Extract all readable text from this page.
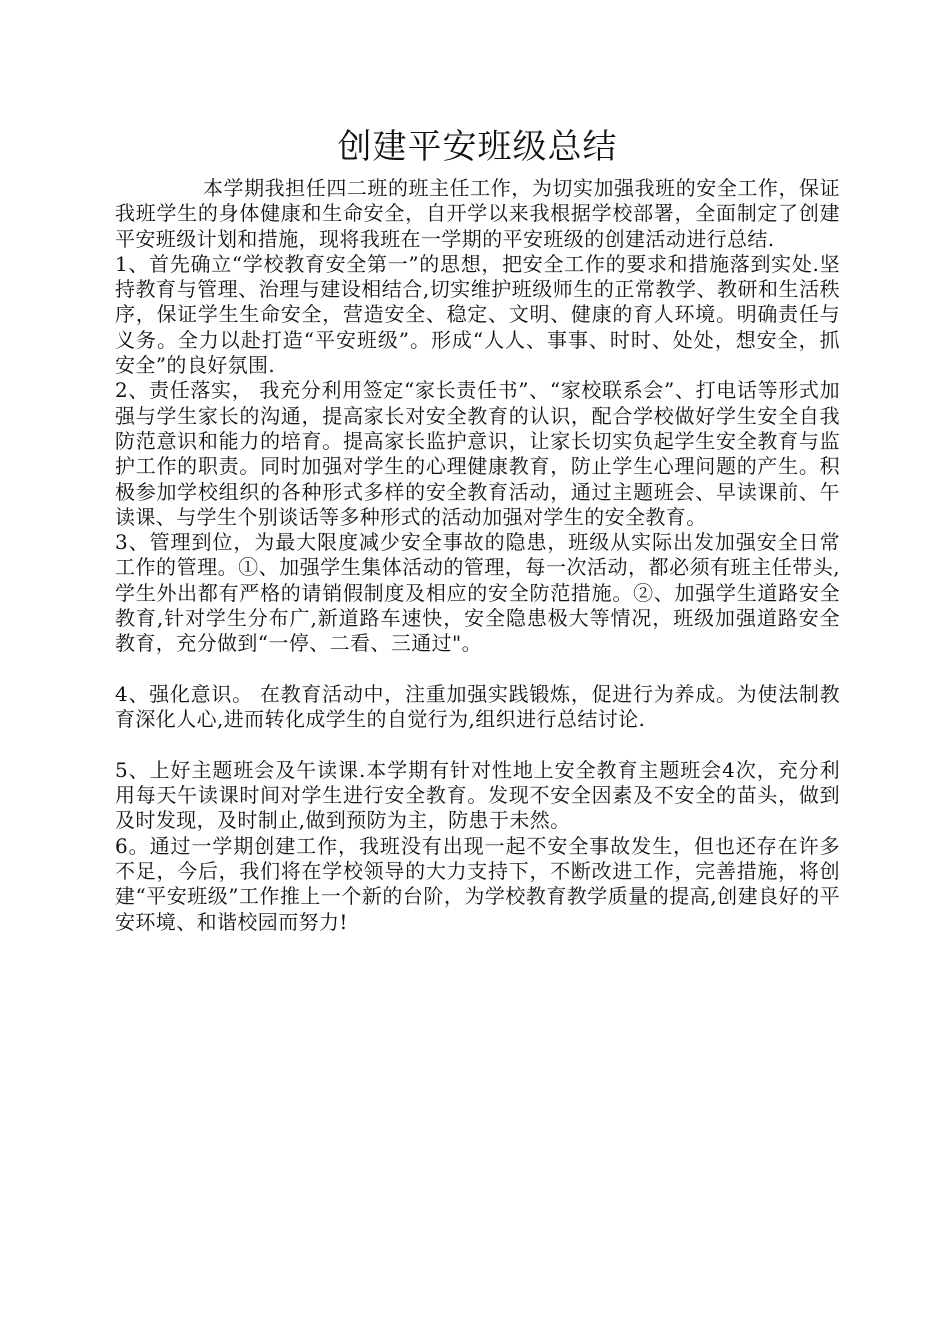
创建平安班级总结

本学期我担任四二班的班主任工作，为切实加强我班的安全工作，保证我班学生的身体健康和生命安全，自开学以来我根据学校部署，全面制定了创建平安班级计划和措施，现将我班在一学期的平安班级的创建活动进行总结.

1、首先确立“学校教育安全第一”的思想，把安全工作的要求和措施落到实处.坚持教育与管理、治理与建设相结合,切实维护班级师生的正常教学、教研和生活秩序，保证学生生命安全，营造安全、稳定、文明、健康的育人环境。明确责任与义务。全力以赴打造“平安班级”。形成“人人、事事、时时、处处，想安全，抓安全”的良好氛围.

2、责任落实， 我充分利用签定“家长责任书”、“家校联系会”、打电话等形式加强与学生家长的沟通，提高家长对安全教育的认识，配合学校做好学生安全自我防范意识和能力的培育。提高家长监护意识，让家长切实负起学生安全教育与监护工作的职责。同时加强对学生的心理健康教育，防止学生心理问题的产生。积极参加学校组织的各种形式多样的安全教育活动，通过主题班会、早读课前、午读课、与学生个别谈话等多种形式的活动加强对学生的安全教育。

3、管理到位，为最大限度减少安全事故的隐患，班级从实际出发加强安全日常工作的管理。①、加强学生集体活动的管理，每一次活动，都必须有班主任带头,学生外出都有严格的请销假制度及相应的安全防范措施。②、加强学生道路安全教育,针对学生分布广,新道路车速快，安全隐患极大等情况，班级加强道路安全教育，充分做到“一停、二看、三通过"。

4、强化意识。 在教育活动中，注重加强实践锻炼，促进行为养成。为使法制教育深化人心,进而转化成学生的自觉行为,组织进行总结讨论.

5、上好主题班会及午读课.本学期有针对性地上安全教育主题班会4次，充分利用每天午读课时间对学生进行安全教育。发现不安全因素及不安全的苗头，做到及时发现，及时制止,做到预防为主，防患于未然。

6。通过一学期创建工作，我班没有出现一起不安全事故发生，但也还存在许多不足，今后，我们将在学校领导的大力支持下，不断改进工作，完善措施，将创建“平安班级”工作推上一个新的台阶，为学校教育教学质量的提高,创建良好的平安环境、和谐校园而努力!
